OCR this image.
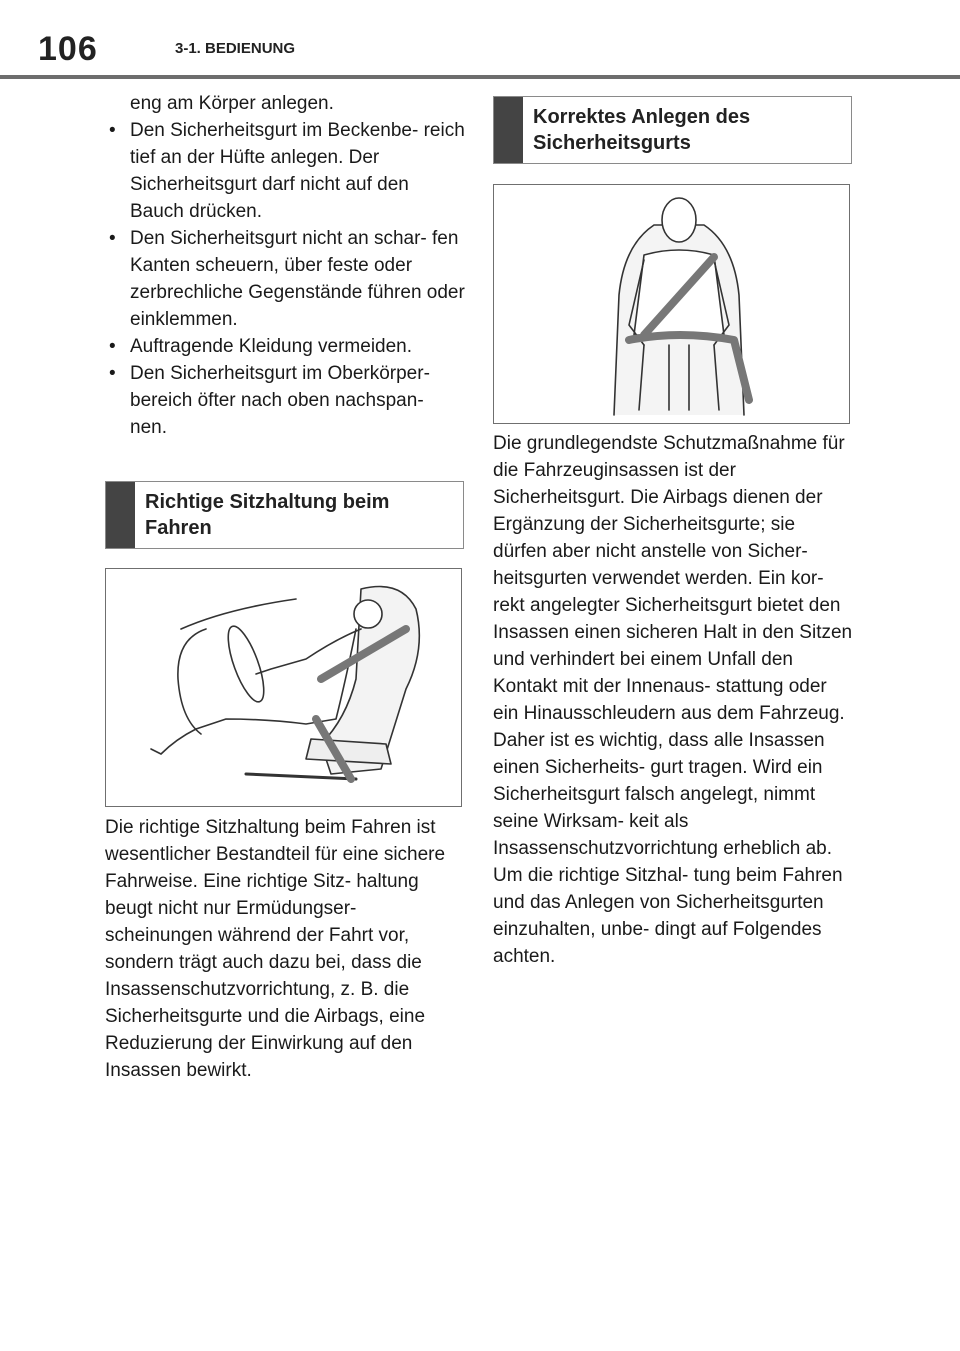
106	3-1. BEDIENUNG

eng am Körper anlegen.

• Den Sicherheitsgurt im Beckenbe- reich tief an der Hüfte anlegen. Der Sicherheitsgurt darf nicht auf den Bauch drücken.
• Den Sicherheitsgurt nicht an schar- fen Kanten scheuern, über feste oder zerbrechliche Gegenstände führen oder einklemmen.
• Auftragende Kleidung vermeiden.
• Den Sicherheitsgurt im Oberkörper- bereich öfter nach oben nachspan- nen.
Richtige Sitzhaltung beim Fahren

Die richtige Sitzhaltung beim Fahren ist wesentlicher Bestandteil für eine sichere Fahrweise. Eine richtige Sitz- haltung beugt nicht nur Ermüdungser- scheinungen während der Fahrt vor, sondern trägt auch dazu bei, dass die Insassenschutzvorrichtung, z. B. die Sicherheitsgurte und die Airbags, eine Reduzierung der Einwirkung auf den Insassen bewirkt.

Korrektes Anlegen des Sicherheitsgurts

Die grundlegendste Schutzmaßnahme für die Fahrzeuginsassen ist der Sicherheitsgurt. Die Airbags dienen der Ergänzung der Sicherheitsgurte; sie dürfen aber nicht anstelle von Sicher- heitsgurten verwendet werden. Ein kor- rekt angelegter Sicherheitsgurt bietet den Insassen einen sicheren Halt in den Sitzen und verhindert bei einem Unfall den Kontakt mit der Innenaus- stattung oder ein Hinausschleudern aus dem Fahrzeug. Daher ist es wichtig, dass alle Insassen einen Sicherheits- gurt tragen. Wird ein Sicherheitsgurt falsch angelegt, nimmt seine Wirksam- keit als Insassenschutzvorrichtung erheblich ab. Um die richtige Sitzhal- tung beim Fahren und das Anlegen von Sicherheitsgurten einzuhalten, unbe- dingt auf Folgendes achten.
